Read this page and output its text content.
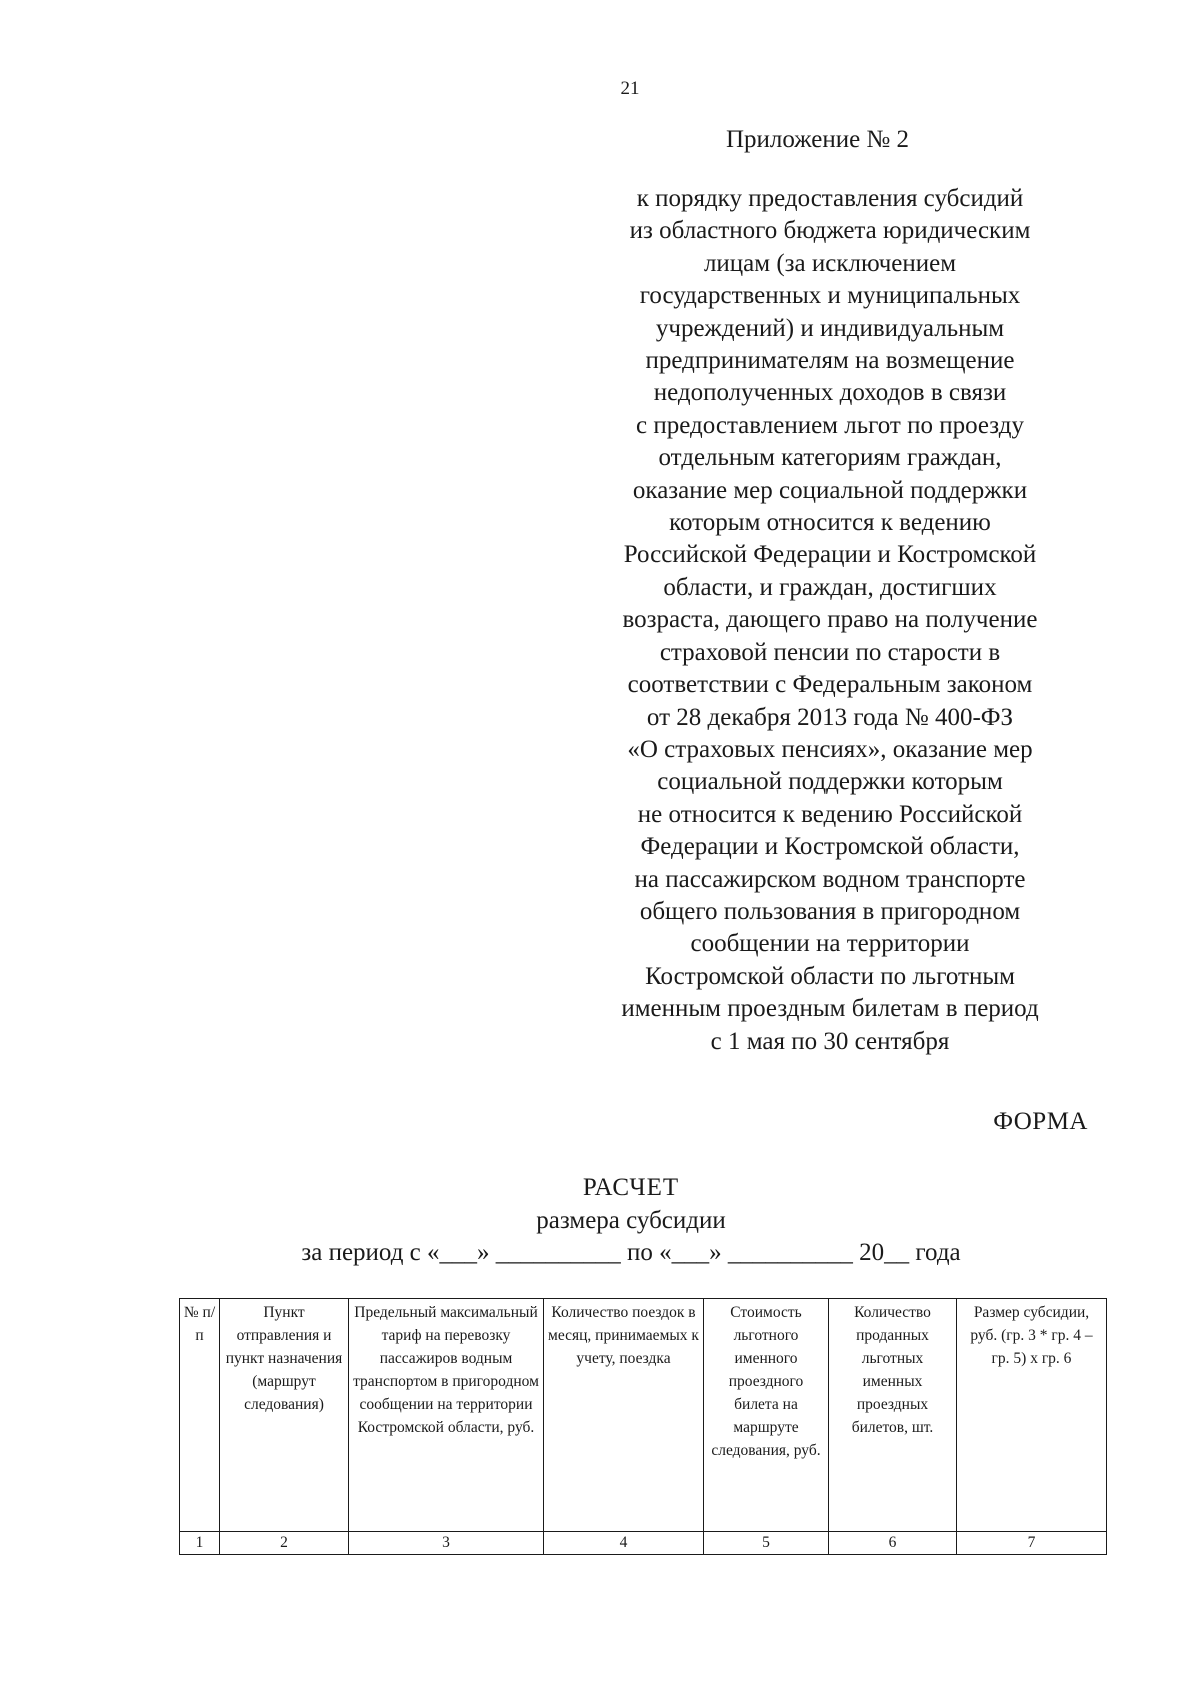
21
Приложение № 2

к порядку предоставления субсидий
из областного бюджета юридическим
лицам (за исключением
государственных и муниципальных
учреждений) и индивидуальным
предпринимателям на возмещение
недополученных доходов в связи
с предоставлением льгот по проезду
отдельным категориям граждан,
оказание мер социальной поддержки
которым относится к ведению
Российской Федерации и Костромской
области, и граждан, достигших
возраста, дающего право на получение
страховой пенсии по старости в
соответствии с Федеральным законом
от 28 декабря 2013 года № 400-ФЗ
«О страховых пенсиях», оказание мер
социальной поддержки которым
не относится к ведению Российской
Федерации и Костромской области,
на пассажирском водном транспорте
общего пользования в пригородном
сообщении на территории
Костромской области по льготным
именным проездным билетам в период
с 1 мая по 30 сентября

ФОРМА
РАСЧЕТ
размера субсидии
за период с «___» __________ по «___» __________ 20__ года
№ п/п	Пункт отправления и пункт назначения (маршрут следования)	Предельный максимальный тариф на перевозку пассажиров водным транспортом в пригородном сообщении на территории Костромской области, руб.	Количество поездок в месяц, принимаемых к учету, поездка	Стоимость льготного именного проездного билета на маршруте следования, руб.	Количество проданных льготных именных проездных билетов, шт.	Размер субсидии, руб. (гр. 3 * гр. 4 – гр. 5) x гр. 6
1	2	3	4	5	6	7
